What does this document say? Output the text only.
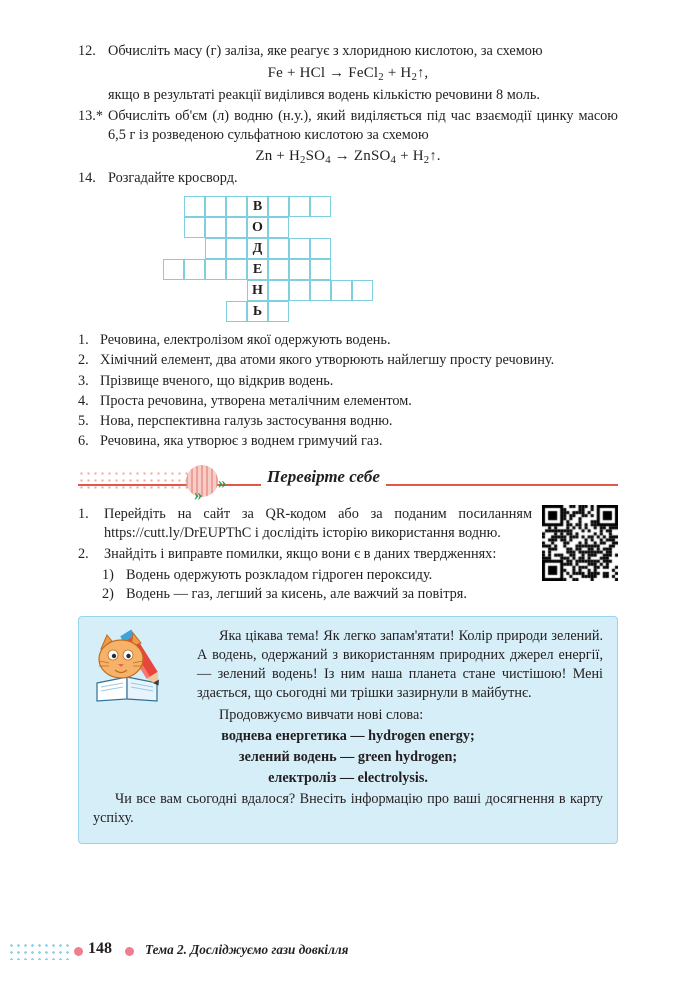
12. Обчисліть масу (г) заліза, яке реагує з хлоридною кислотою, за схемою
Fe + HCl → FeCl$_2$ + $H_2↑$,
якщо в результаті реакції виділився водень кількістю речовини 8 моль.
13.* Обчисліть об'єм (л) водню (н.у.), який виділяється під час взаємодії цинку масою 6,5 г із розведеною сульфатною кислотою за схемою
$Zn + H_2SO_4$ → ZnSO$_4$ + $H_2↑$.
14. Розгадайте кросворд.
В
О
Д
Е
Н
Ь
1. Речовина, електролізом якої одержують водень.
2. Хімічний елемент, два атоми якого утворюють найлегшу просту речовину.
3. Прізвище вченого, що відкрив водень.
4. Проста речовина, утворена металічним елементом.
5. Нова, перспективна галузь застосування водню.
6. Речовина, яка утворює з воднем гримучий газ.
»
»
Перевірте себе
1.	Перейдіть на сайт за QR-кодом або за поданим посиланням https://cutt.ly/DrEUPThC і дослідіть історію використання водню.
2.	Знайдіть і виправте помилки, якщо вони є в даних твердженнях:
1) Водень одержують розкладом гідроген пероксиду.
2) Водень — газ, легший за кисень, але важчий за повітря.

Яка цікава тема! Як легко запам'ятати! Колір природи зелений. А водень, одержаний з використанням природних джерел енергії, — зелений водень! Із ним наша планета стане чистішою! Мені здається, що сьогодні ми трішки зазирнули в майбутнє.

Продовжуємо вивчати нові слова:

воднева енергетика — hydrogen energy;

зелений водень — green hydrogen;

електроліз — electrolysis.

Чи все вам сьогодні вдалося? Внесіть інформацію про ваші досягнення в карту успіху.

148	Тема 2. Досліджуємо гази довкілля
